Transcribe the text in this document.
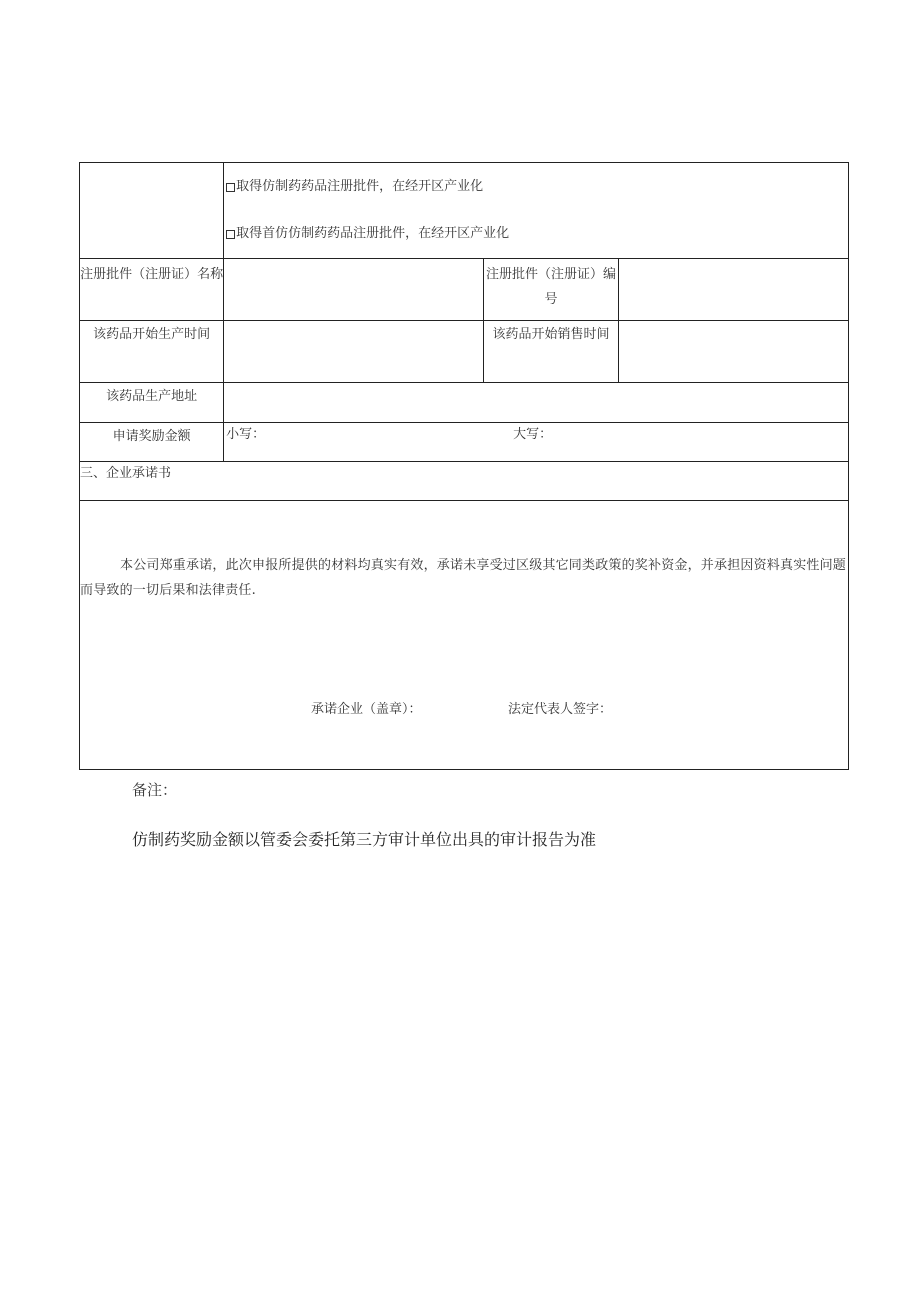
	取得仿制药药品注册批件，在经开区产业化
取得首仿仿制药药品注册批件，在经开区产业化		

注册批件（注册证）名称		注册批件（注册证）编号	
该药品开始生产时间		该药品开始销售时间	
该药品生产地址			
申请奖励金额	小写： 大写：		

三、企业承诺书			

本公司郑重承诺，此次申报所提供的材料均真实有效，承诺未享受过区级其它同类政策的奖补资金，并承担因资料真实性问题而导致的一切后果和法律责任.
承诺企业（盖章）： 法定代表人签字：			
备注：
仿制药奖励金额以管委会委托第三方审计单位出具的审计报告为准
